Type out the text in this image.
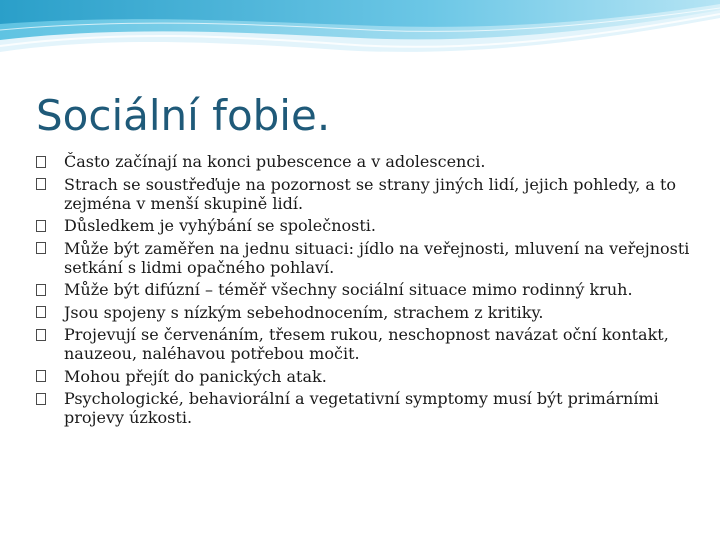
Sociální fobie.
Často začínají na konci pubescence a v adolescenci.
Strach se soustřeďuje na pozornost se strany jiných lidí, jejich pohledy, a to zejména v menší skupině lidí.
Důsledkem je vyhýbání se společnosti.
Může být zaměřen na jednu situaci: jídlo na veřejnosti, mluvení na veřejnosti setkání s lidmi opačného pohlaví.
Může být difúzní – téměř všechny sociální situace mimo rodinný kruh.
Jsou spojeny s nízkým sebehodnocením, strachem z kritiky.
Projevují se červenáním, třesem rukou, neschopnost navázat oční kontakt, nauzeou, naléhavou potřebou močit.
Mohou přejít do panických atak.
Psychologické, behaviorální a vegetativní symptomy musí být primárními projevy úzkosti.
